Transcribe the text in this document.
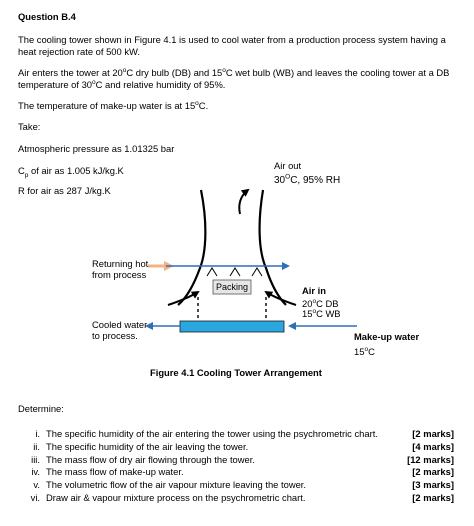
Question B.4
The cooling tower shown in Figure 4.1 is used to cool water from a production process system having a heat rejection rate of 500 kW.
Air enters the tower at 20$^o$C dry bulb (DB) and 15$^o$C wet bulb (WB) and leaves the cooling tower at a DB temperature of 30$^o$C and relative humidity of 95%.
The temperature of make-up water is at 15$^o$C.
Take:
Atmospheric pressure as 1.01325 bar
$C_p$ of air as 1.005 kJ/kg.K
R for air as 287 J/kg.K
Air out
$30^OC$, 95% RH
Returning hot
from process
Packing	Air in
20$^o$C DB
15$^o$C WB
Cooled water
to process.	Make-up water
15$^o$C
Figure 4.1 Cooling Tower Arrangement
Determine:
i. The specific humidity of the air entering the tower using the psychrometric chart.	[2 marks]
ii. The specific humidity of the air leaving the tower.	[4 marks]
iii. The mass flow of dry air flowing through the tower.	[12 marks]
iv. The mass flow of make-up water.	[2 marks]
v. The volumetric flow of the air vapour mixture leaving the tower.	[3 marks]
vi. Draw air & vapour mixture process on the psychrometric chart.	[2 marks]
